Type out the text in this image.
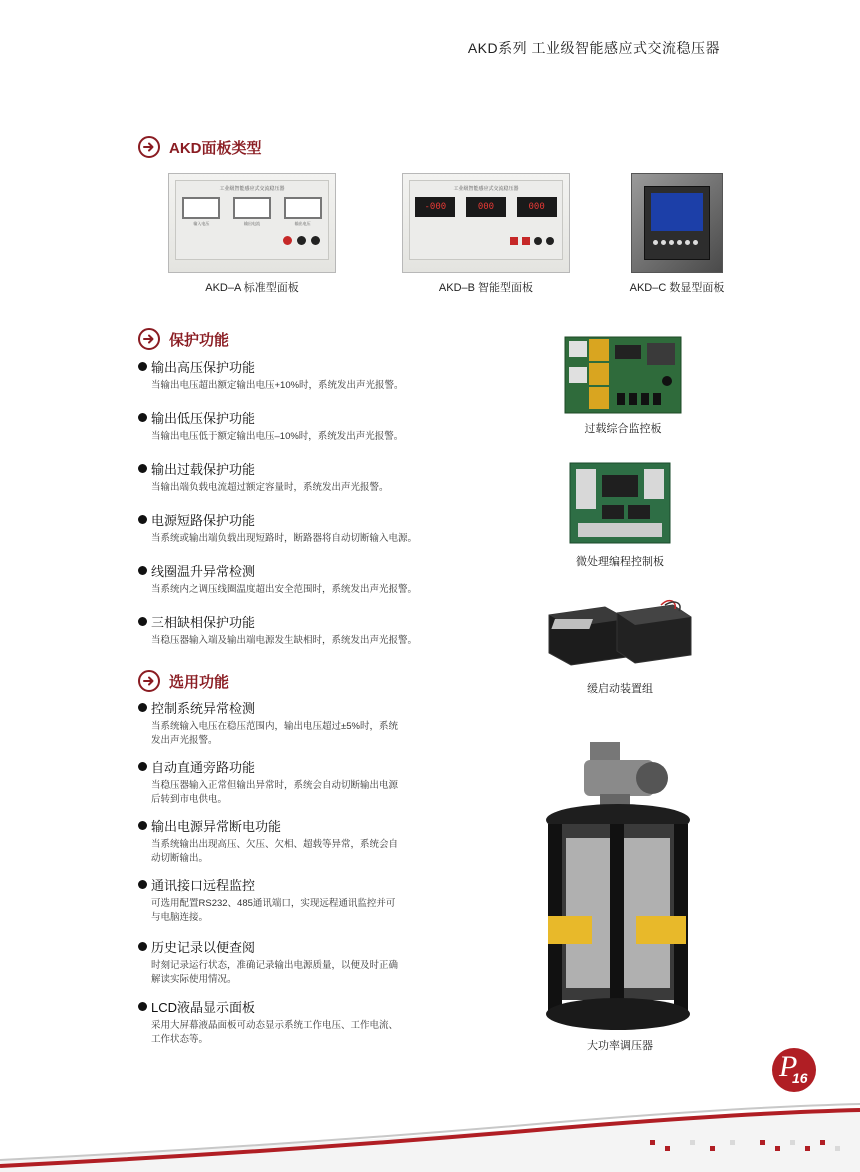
AKD系列 工业级智能感应式交流稳压器
AKD面板类型
工业级智能感应式交流稳压器
输入电压	输出电流	输出电压
AKD–A 标准型面板
工业级智能感应式交流稳压器
-000	000	000
AKD–B 智能型面板	AKD–C 数显型面板
保护功能
输出高压保护功能
当输出电压超出额定输出电压+10%时，系统发出声光报警。
输出低压保护功能
当输出电压低于额定输出电压–10%时，系统发出声光报警。
输出过载保护功能
当输出端负载电流超过额定容量时，系统发出声光报警。
电源短路保护功能
当系统或输出端负载出现短路时，断路器将自动切断输入电源。
线圈温升异常检测
当系统内之调压线圈温度超出安全范围时，系统发出声光报警。
三相缺相保护功能
当稳压器输入端及输出端电源发生缺相时，系统发出声光报警。
选用功能
控制系统异常检测
当系统输入电压在稳压范围内，输出电压超过±5%时，系统
发出声光报警。
自动直通旁路功能
当稳压器输入正常但输出异常时，系统会自动切断输出电源
后转到市电供电。
输出电源异常断电功能
当系统输出出现高压、欠压、欠相、超载等异常，系统会自
动切断输出。
通讯接口远程监控
可选用配置RS232、485通讯端口，实现远程通讯监控并可
与电脑连接。
历史记录以便查阅
时刻记录运行状态，准确记录输出电源质量，以便及时正确
解读实际使用情况。
LCD液晶显示面板
采用大屏幕液晶面板可动态显示系统工作电压、工作电流、
工作状态等。
过载综合监控板
微处理编程控制板
缓启动装置组
大功率调压器
P
16
